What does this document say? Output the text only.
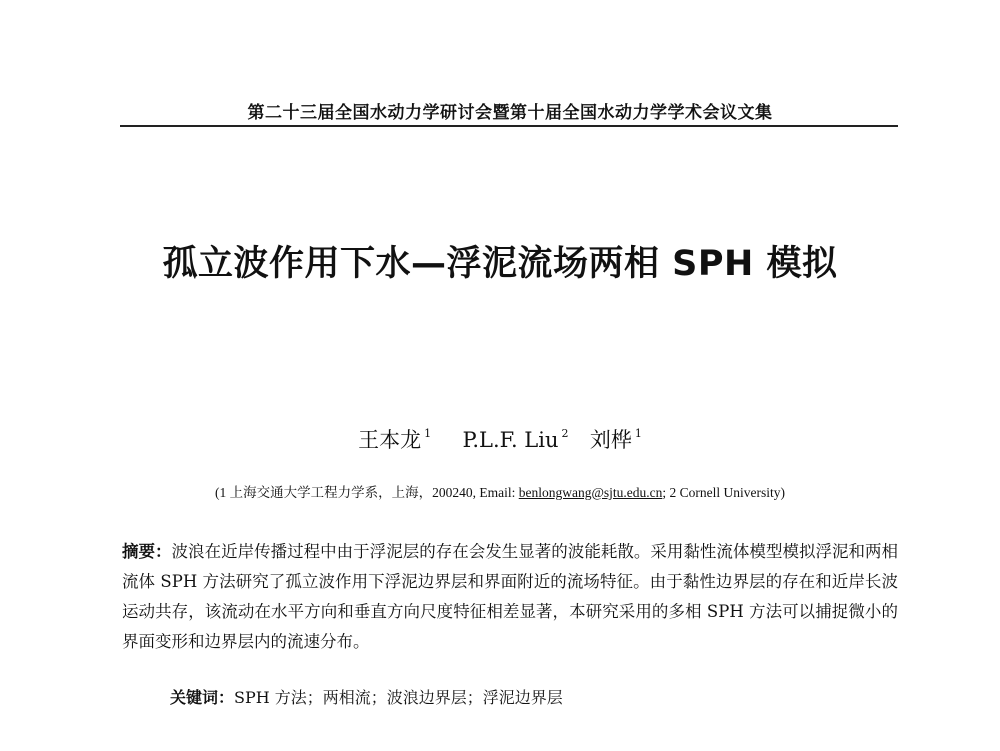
第二十三届全国水动力学研讨会暨第十届全国水动力学学术会议文集
孤立波作用下水—浮泥流场两相 SPH 模拟
王本龙 $^1$ P.L.F. Liu $^2$ 刘桦 $^1$
(1 上海交通大学工程力学系，上海，200240, Email: benlongwang@sjtu.edu.cn; 2 Cornell University)
摘要：波浪在近岸传播过程中由于浮泥层的存在会发生显著的波能耗散。采用黏性流体模型模拟浮泥和两相流体 SPH 方法研究了孤立波作用下浮泥边界层和界面附近的流场特征。由于黏性边界层的存在和近岸长波运动共存，该流动在水平方向和垂直方向尺度特征相差显著，本研究采用的多相 SPH 方法可以捕捉微小的界面变形和边界层内的流速分布。
关键词：SPH 方法；两相流；波浪边界层；浮泥边界层
